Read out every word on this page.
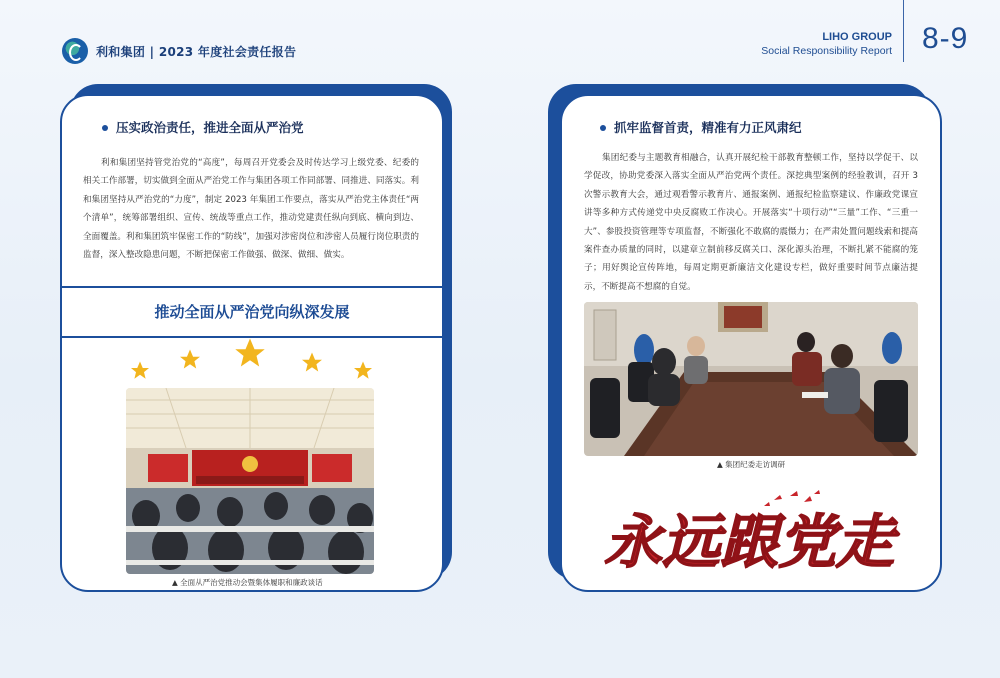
利和集团 | 2023 年度社会责任报告
LIHO GROUP
Social Responsibility Report 8-9
压实政治责任，推进全面从严治党
利和集团坚持管党治党的“高度”，每周召开党委会及时传达学习上级党委、纪委的相关工作部署，切实做到全面从严治党工作与集团各项工作同部署、同推进、同落实。利和集团坚持从严治党的“力度”，制定 2023 年集团工作要点，落实从严治党主体责任“两个清单”，统筹部署组织、宣传、统战等重点工作，推动党建责任纵向到底、横向到边、全面覆盖。利和集团筑牢保密工作的“防线”，加强对涉密岗位和涉密人员履行岗位职责的监督，深入整改隐患问题，不断把保密工作做强、做深、做细、做实。
推动全面从严治党向纵深发展
▲ 全面从严治党推动会暨集体履职和廉政谈话
抓牢监督首责，精准有力正风肃纪
集团纪委与主题教育相融合，认真开展纪检干部教育整顿工作，坚持以学促干、以学促改，协助党委深入落实全面从严治党两个责任。深挖典型案例的经验教训，召开 3 次警示教育大会，通过观看警示教育片、通报案例、通报纪检监察建议、作廉政党课宣讲等多种方式传递党中央反腐败工作决心。开展落实“十项行动”“三量”工作、“三重一大”、参股投资管理等专项监督，不断强化不敢腐的震慑力；在严肃处置问题线索和提高案件查办质量的同时，以建章立制前移反腐关口、深化源头治理，不断扎紧不能腐的笼子；用好舆论宣传阵地，每周定期更新廉洁文化建设专栏，做好重要时间节点廉洁提示，不断提高不想腐的自觉。
▲ 集团纪委走访调研
永远跟党走
